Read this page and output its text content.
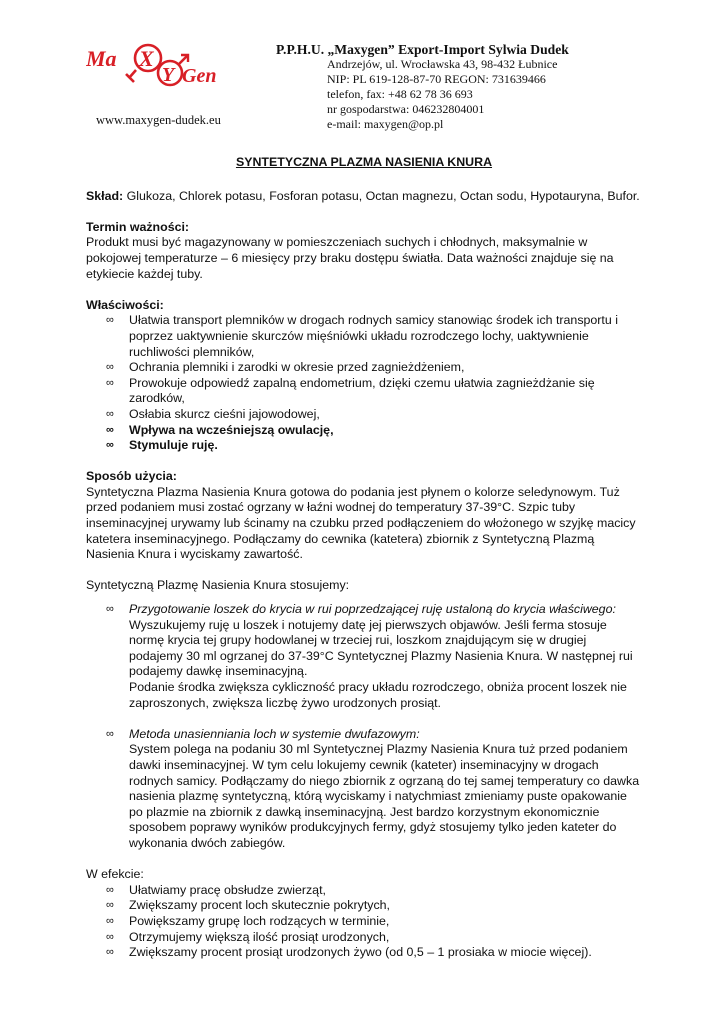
Ma
Gen
X
Y
www.maxygen-dudek.eu
P.P.H.U. „Maxygen” Export-Import Sylwia Dudek
Andrzejów, ul. Wrocławska 43, 98-432 Łubnice
NIP: PL 619-128-87-70 REGON: 731639466
telefon, fax: +48 62 78 36 693
nr gospodarstwa: 046232804001
e-mail: maxygen@op.pl
SYNTETYCZNA PLAZMA NASIENIA KNURA

Skład: Glukoza, Chlorek potasu, Fosforan potasu, Octan magnezu, Octan sodu, Hypotauryna, Bufor.

Termin ważności:

Produkt musi być magazynowany w pomieszczeniach suchych i chłodnych, maksymalnie w pokojowej temperaturze – 6 miesięcy przy braku dostępu światła. Data ważności znajduje się na etykiecie każdej tuby.

Właściwości:

∞ Ułatwia transport plemników w drogach rodnych samicy stanowiąc środek ich transportu i poprzez uaktywnienie skurczów mięśniówki układu rozrodczego lochy, uaktywnienie ruchliwości plemników,
∞ Ochrania plemniki i zarodki w okresie przed zagnieżdżeniem,
∞ Prowokuje odpowiedź zapalną endometrium, dzięki czemu ułatwia zagnieżdżanie się zarodków,
∞ Osłabia skurcz cieśni jajowodowej,
∞ Wpływa na wcześniejszą owulację,
∞ Stymuluje ruję.

Sposób użycia:

Syntetyczna Plazma Nasienia Knura gotowa do podania jest płynem o kolorze seledynowym. Tuż przed podaniem musi zostać ogrzany w łaźni wodnej do temperatury 37-39°C. Szpic tuby inseminacyjnej urywamy lub ścinamy na czubku przed podłączeniem do włożonego w szyjkę macicy katetera inseminacyjnego. Podłączamy do cewnika (katetera) zbiornik z Syntetyczną Plazmą Nasienia Knura i wyciskamy zawartość.

Syntetyczną Plazmę Nasienia Knura stosujemy:

∞ Przygotowanie loszek do krycia w rui poprzedzającej ruję ustaloną do krycia właściwego:

Wyszukujemy ruję u loszek i notujemy datę jej pierwszych objawów. Jeśli ferma stosuje normę krycia tej grupy hodowlanej w trzeciej rui, loszkom znajdującym się w drugiej podajemy 30 ml ogrzanej do 37-39°C Syntetycznej Plazmy Nasienia Knura. W następnej rui podajemy dawkę inseminacyjną.

Podanie środka zwiększa cykliczność pracy układu rozrodczego, obniża procent loszek nie zaproszonych, zwiększa liczbę żywo urodzonych prosiąt.

∞ Metoda unasienniania loch w systemie dwufazowym:

System polega na podaniu 30 ml Syntetycznej Plazmy Nasienia Knura tuż przed podaniem dawki inseminacyjnej. W tym celu lokujemy cewnik (kateter) inseminacyjny w drogach rodnych samicy. Podłączamy do niego zbiornik z ogrzaną do tej samej temperatury co dawka nasienia plazmę syntetyczną, którą wyciskamy i natychmiast zmieniamy puste opakowanie po plazmie na zbiornik z dawką inseminacyjną. Jest bardzo korzystnym ekonomicznie sposobem poprawy wyników produkcyjnych fermy, gdyż stosujemy tylko jeden kateter do wykonania dwóch zabiegów.

W efekcie:

∞ Ułatwiamy pracę obsłudze zwierząt,
∞ Zwiększamy procent loch skutecznie pokrytych,
∞ Powiększamy grupę loch rodzących w terminie,
∞ Otrzymujemy większą ilość prosiąt urodzonych,
∞ Zwiększamy procent prosiąt urodzonych żywo (od 0,5 – 1 prosiaka w miocie więcej).
